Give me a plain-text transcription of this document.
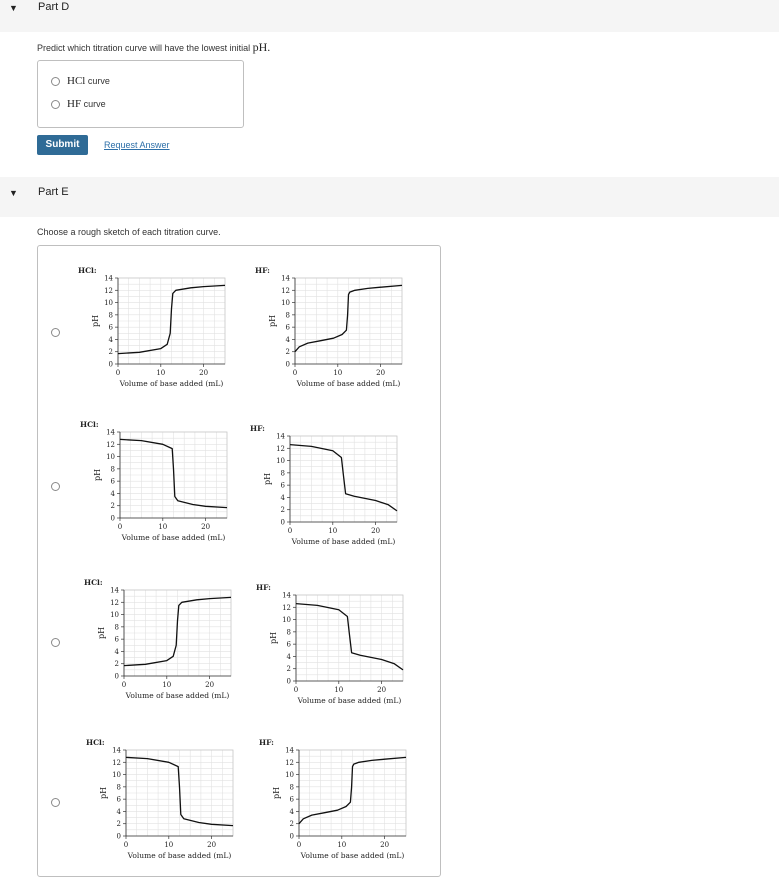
▼ Part D
Predict which titration curve will have the lowest initial pH.
HCl curve
HF curve
Submit	Request Answer
▼ Part E
Choose a rough sketch of each titration curve.
0
2
4
6
8
10
12
14
0	10	20
HCl:
pH
Volume of base added (mL)
0
2
4
6
8
10
12
14
0	10	20
HF:
pH
Volume of base added (mL)
0
2
4
6
8
10
12
14
0	10	20
HCl:
pH
Volume of base added (mL)
0
2
4
6
8
10
12
14
0	10	20
HF:
pH
Volume of base added (mL)
0
2
4
6
8
10
12
14
0	10	20
HCl:
pH
Volume of base added (mL)
0
2
4
6
8
10
12
14
0	10	20
HF:
pH
Volume of base added (mL)
0
2
4
6
8
10
12
14
0	10	20
HCl:
pH
Volume of base added (mL)
0
2
4
6
8
10
12
14
0	10	20
HF:
pH
Volume of base added (mL)
